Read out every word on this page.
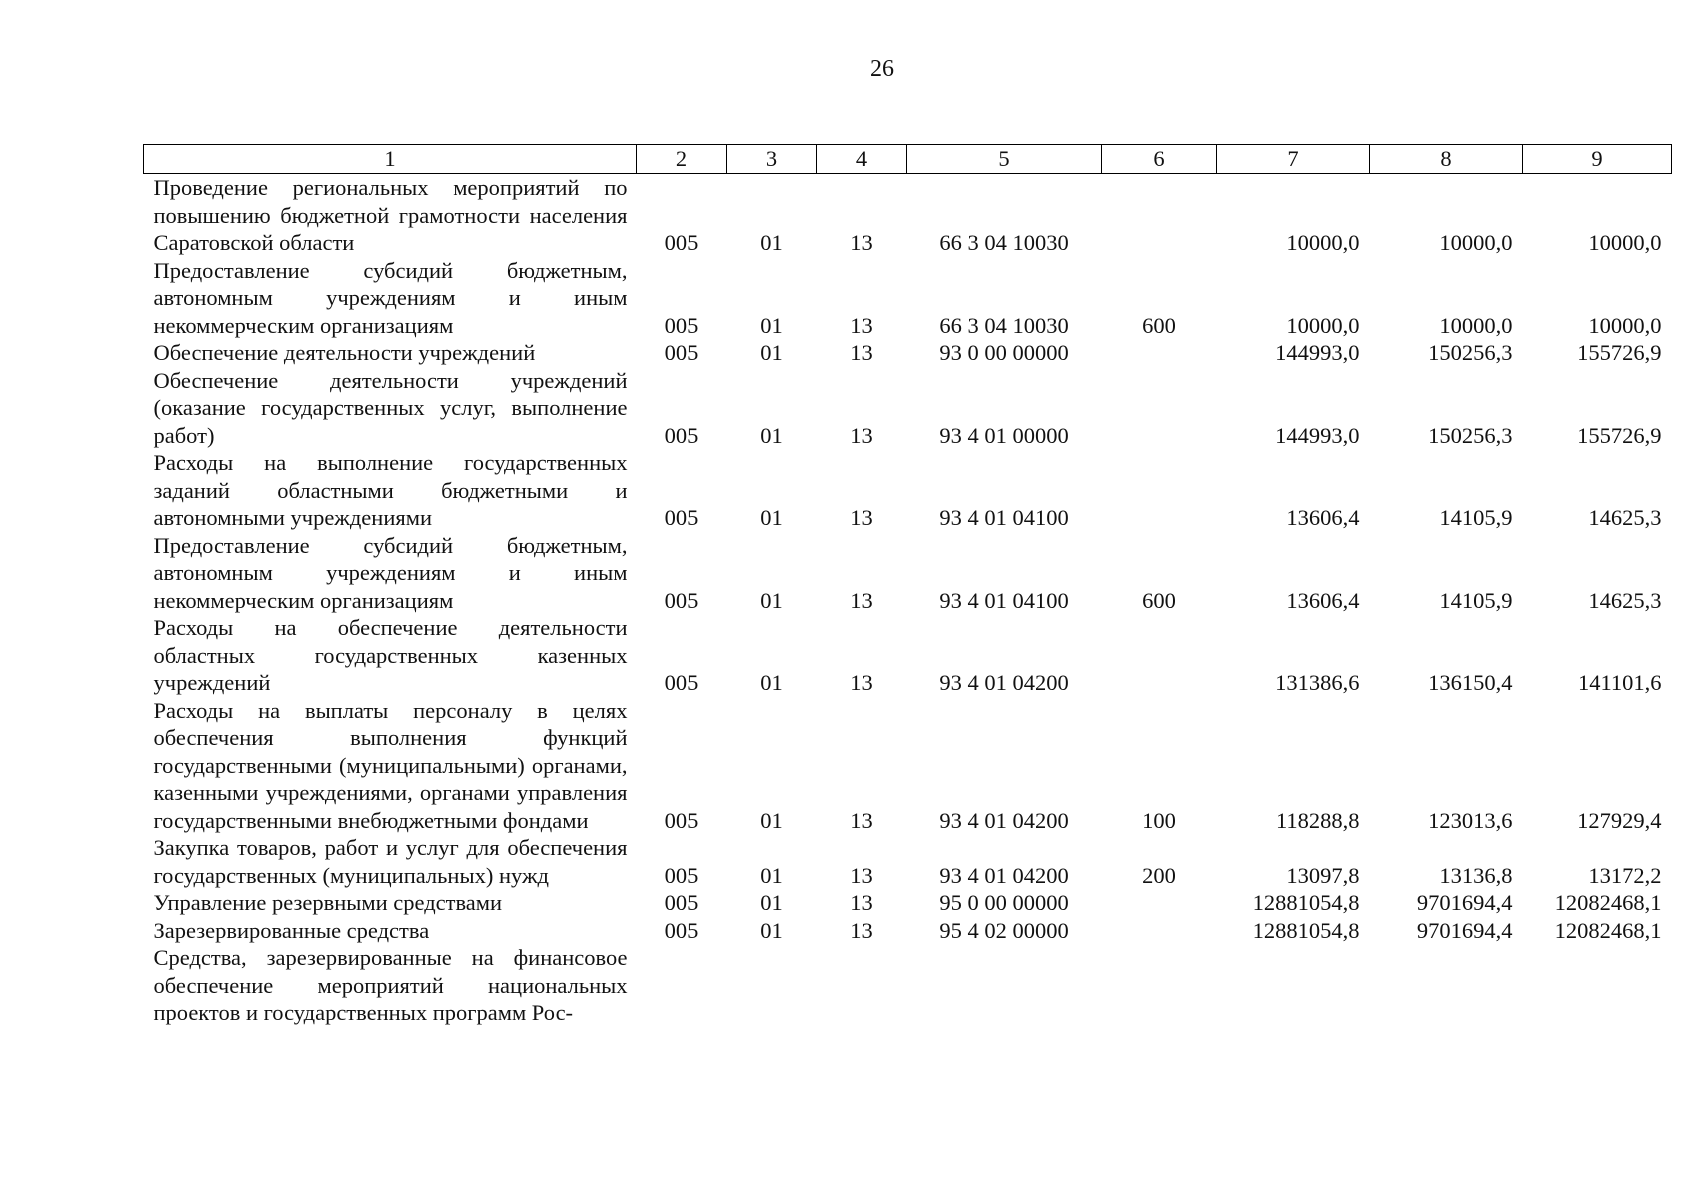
26
1	2	3	4	5	6	7	8	9
Проведение региональных мероприятий по повышению бюджетной грамотности населения Саратовской области	005	01	13	66 3 04 10030		10000,0	10000,0	10000,0
Предоставление субсидий бюджетным, автономным учреждениям и иным некоммерческим организациям	005	01	13	66 3 04 10030	600	10000,0	10000,0	10000,0
Обеспечение деятельности учреждений	005	01	13	93 0 00 00000		144993,0	150256,3	155726,9
Обеспечение деятельности учреждений (оказание государственных услуг, выполнение работ)	005	01	13	93 4 01 00000		144993,0	150256,3	155726,9
Расходы на выполнение государственных заданий областными бюджетными и автономными учреждениями	005	01	13	93 4 01 04100		13606,4	14105,9	14625,3
Предоставление субсидий бюджетным, автономным учреждениям и иным некоммерческим организациям	005	01	13	93 4 01 04100	600	13606,4	14105,9	14625,3
Расходы на обеспечение деятельности областных государственных казенных учреждений	005	01	13	93 4 01 04200		131386,6	136150,4	141101,6
Расходы на выплаты персоналу в целях обеспечения выполнения функций государственными (муниципальными) органами, казенными учреждениями, органами управления государственными внебюджетными фондами	005	01	13	93 4 01 04200	100	118288,8	123013,6	127929,4
Закупка товаров, работ и услуг для обеспечения государственных (муниципальных) нужд	005	01	13	93 4 01 04200	200	13097,8	13136,8	13172,2
Управление резервными средствами	005	01	13	95 0 00 00000		12881054,8	9701694,4	12082468,1
Зарезервированные средства	005	01	13	95 4 02 00000		12881054,8	9701694,4	12082468,1
Средства, зарезервированные на финансовое обеспечение мероприятий национальных проектов и государственных программ Рос-								
